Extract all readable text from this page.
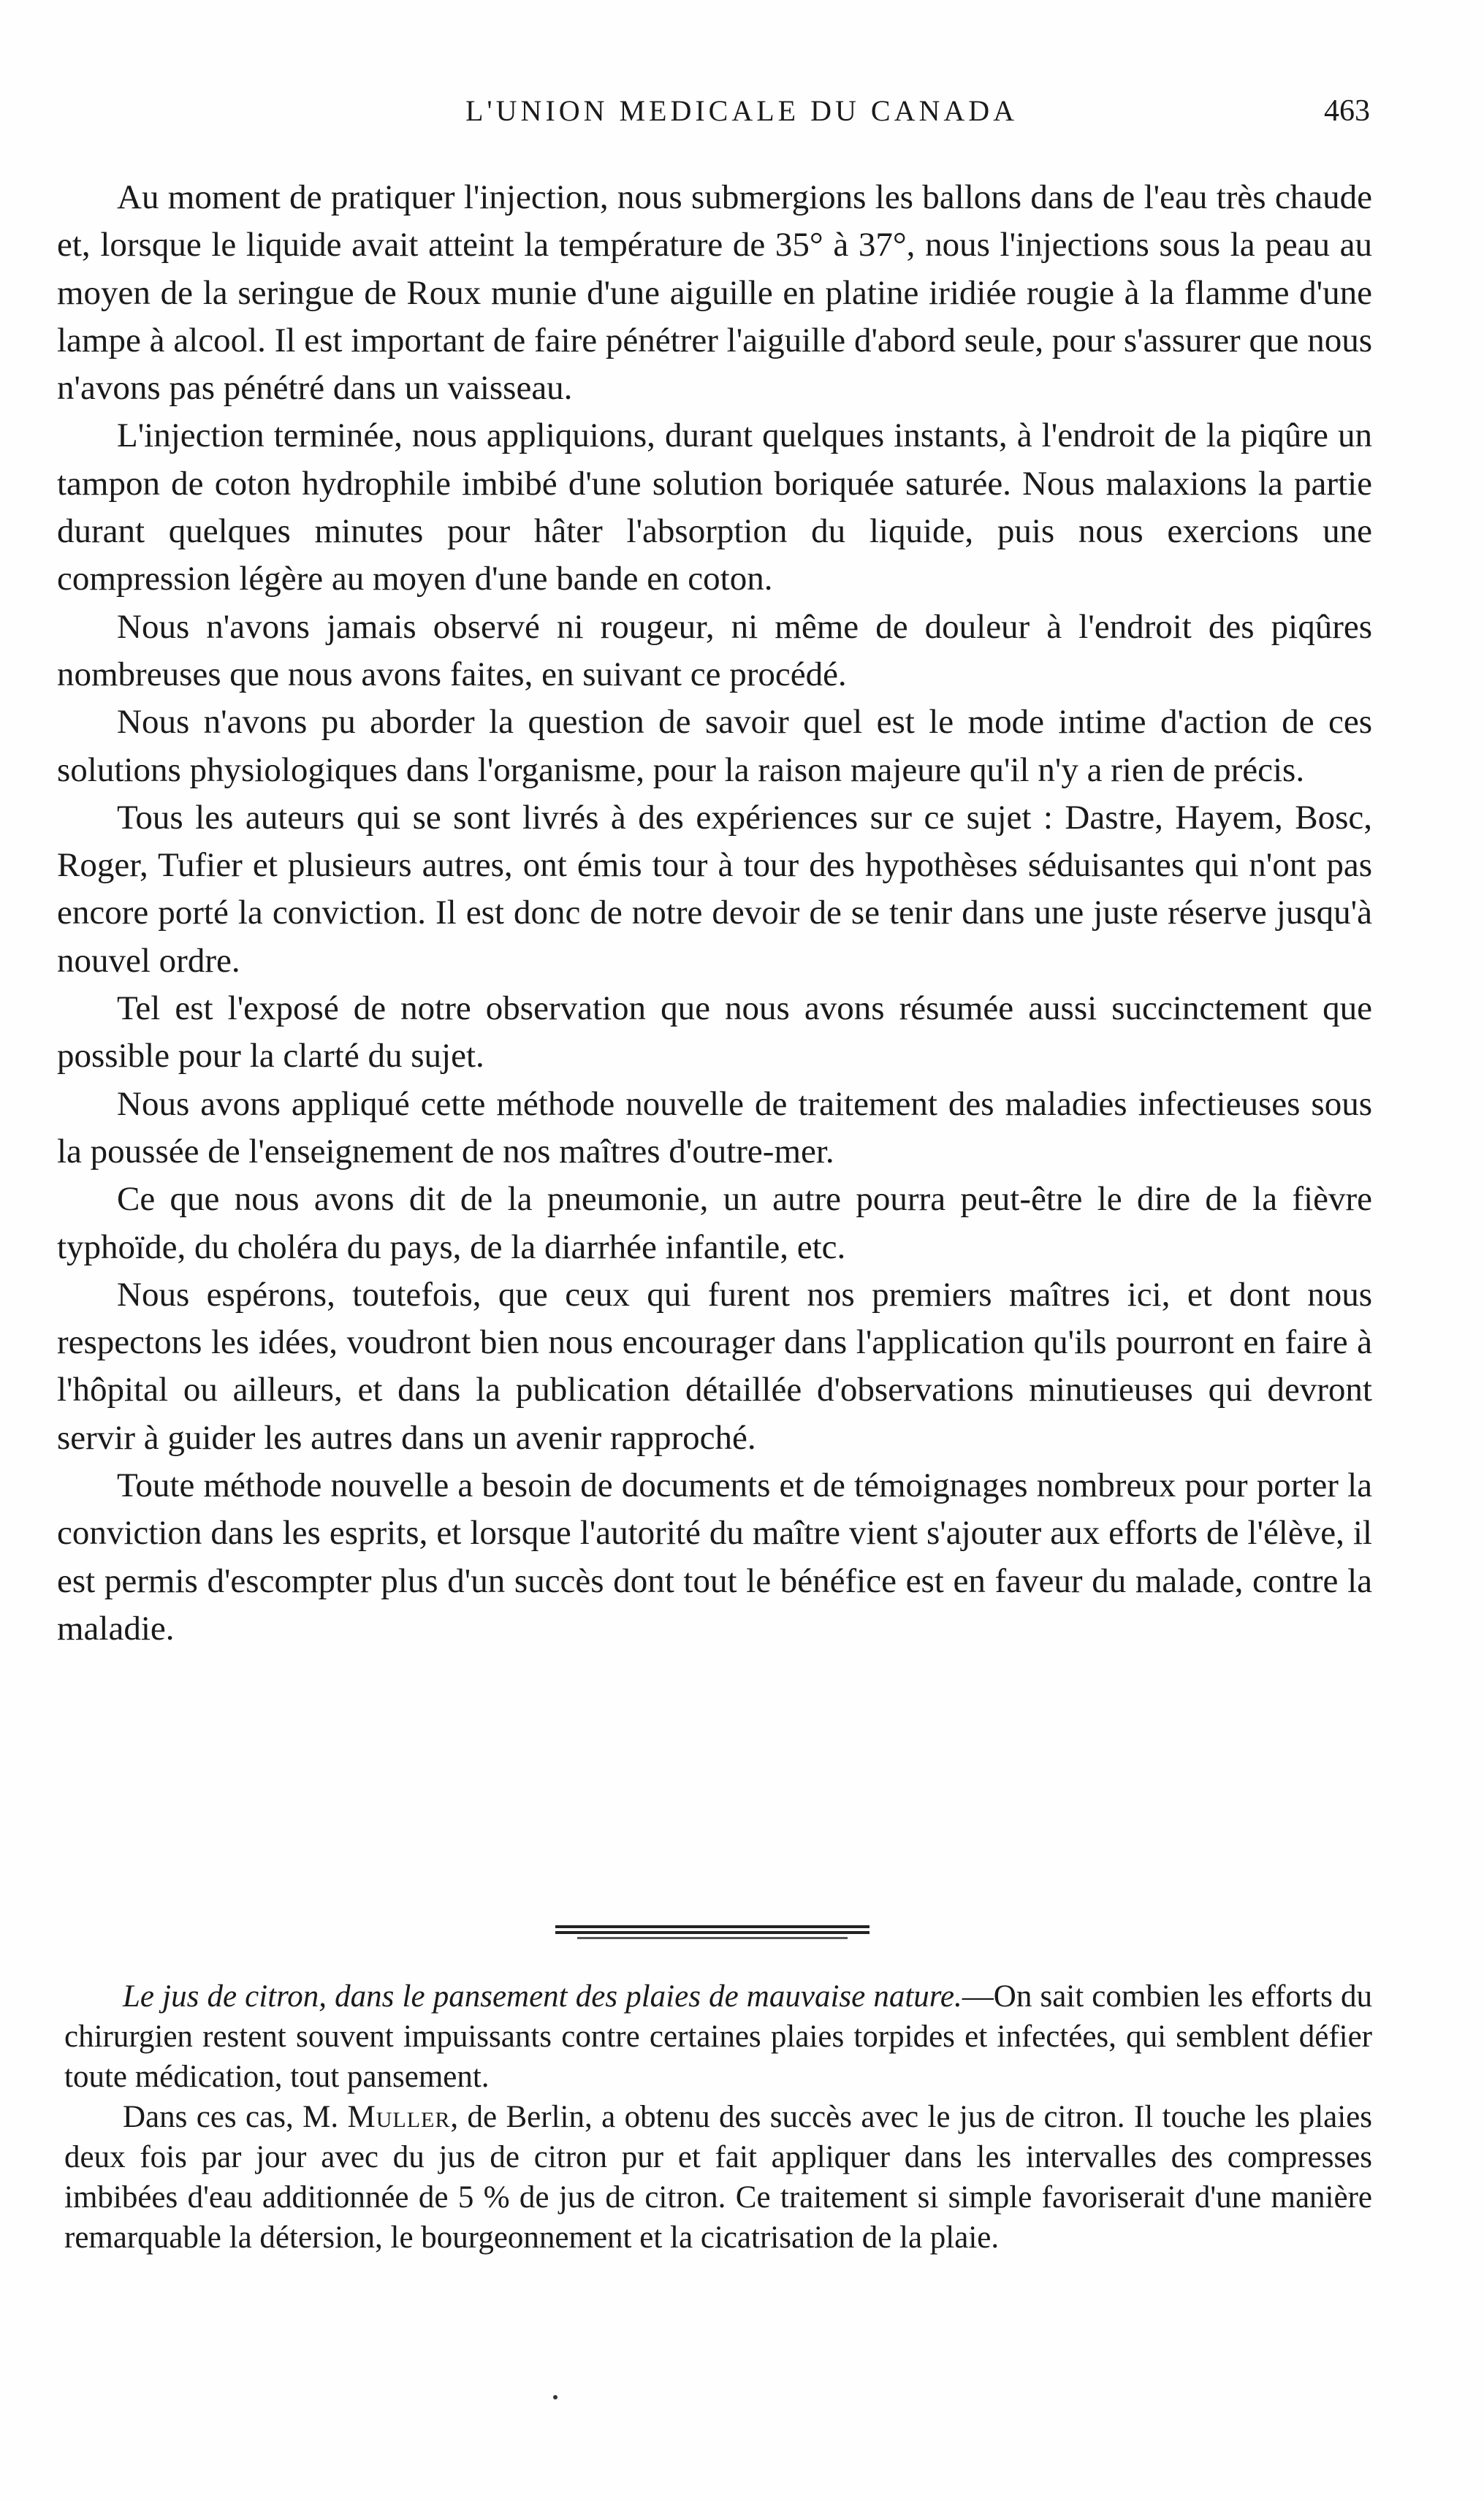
L'UNION MEDICALE DU CANADA	463

Au moment de pratiquer l'injection, nous submergions les ballons dans de l'eau très chaude et, lorsque le liquide avait atteint la température de 35° à 37°, nous l'injections sous la peau au moyen de la seringue de Roux munie d'une aiguille en platine iridiée rougie à la flamme d'une lampe à alcool. Il est important de faire pénétrer l'aiguille d'abord seule, pour s'assurer que nous n'avons pas pénétré dans un vaisseau.

L'injection terminée, nous appliquions, durant quelques instants, à l'endroit de la piqûre un tampon de coton hydrophile imbibé d'une solution boriquée saturée. Nous malaxions la partie durant quelques minutes pour hâter l'absorption du liquide, puis nous exercions une compression légère au moyen d'une bande en coton.

Nous n'avons jamais observé ni rougeur, ni même de douleur à l'endroit des piqûres nombreuses que nous avons faites, en suivant ce procédé.

Nous n'avons pu aborder la question de savoir quel est le mode intime d'action de ces solutions physiologiques dans l'organisme, pour la raison majeure qu'il n'y a rien de précis.

Tous les auteurs qui se sont livrés à des expériences sur ce sujet : Dastre, Hayem, Bosc, Roger, Tufier et plusieurs autres, ont émis tour à tour des hypothèses séduisantes qui n'ont pas encore porté la conviction. Il est donc de notre devoir de se tenir dans une juste réserve jusqu'à nouvel ordre.

Tel est l'exposé de notre observation que nous avons résumée aussi succinctement que possible pour la clarté du sujet.

Nous avons appliqué cette méthode nouvelle de traitement des maladies infectieuses sous la poussée de l'enseignement de nos maîtres d'outre-mer.

Ce que nous avons dit de la pneumonie, un autre pourra peut-être le dire de la fièvre typhoïde, du choléra du pays, de la diarrhée infantile, etc.

Nous espérons, toutefois, que ceux qui furent nos premiers maîtres ici, et dont nous respectons les idées, voudront bien nous encourager dans l'application qu'ils pourront en faire à l'hôpital ou ailleurs, et dans la publication détaillée d'observations minutieuses qui devront servir à guider les autres dans un avenir rapproché.

Toute méthode nouvelle a besoin de documents et de témoignages nombreux pour porter la conviction dans les esprits, et lorsque l'autorité du maître vient s'ajouter aux efforts de l'élève, il est permis d'escompter plus d'un succès dont tout le bénéfice est en faveur du malade, contre la maladie.

Le jus de citron, dans le pansement des plaies de mauvaise nature.—On sait combien les efforts du chirurgien restent souvent impuissants contre certaines plaies torpides et infectées, qui semblent défier toute médication, tout pansement.

Dans ces cas, M. Muller, de Berlin, a obtenu des succès avec le jus de citron. Il touche les plaies deux fois par jour avec du jus de citron pur et fait appliquer dans les intervalles des compresses imbibées d'eau additionnée de 5 % de jus de citron. Ce traitement si simple favoriserait d'une manière remarquable la détersion, le bourgeonnement et la cicatrisation de la plaie.
